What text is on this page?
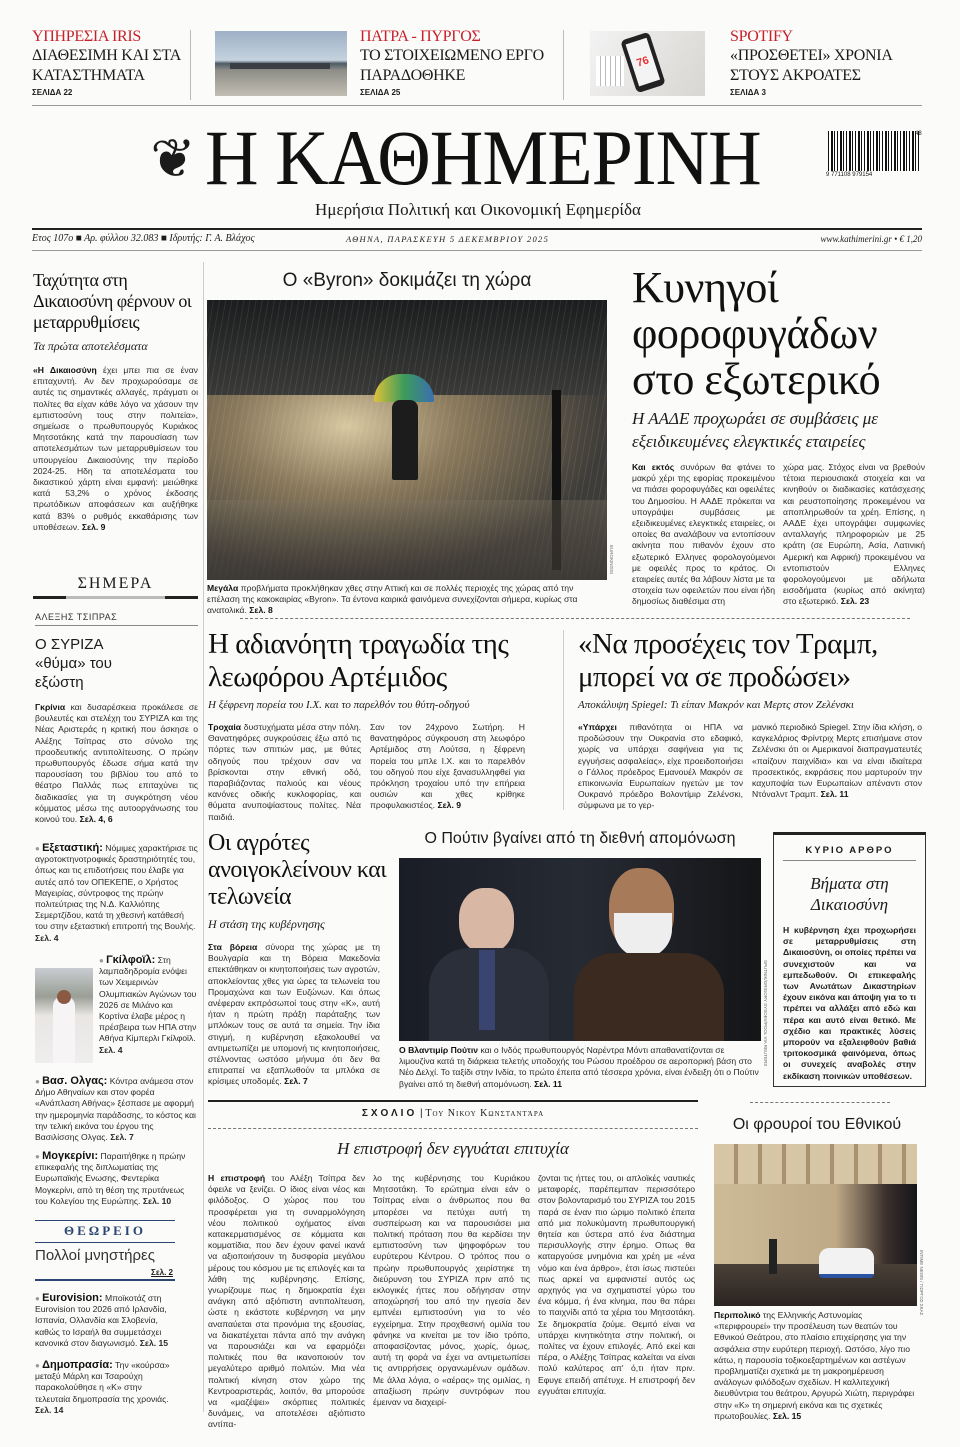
ΥΠΗΡΕΣΙΑ IRIS
ΔΙΑΘΕΣΙΜΗ ΚΑΙ ΣΤΑ ΚΑΤΑΣΤΗΜΑΤΑ
ΣΕΛΙΔΑ 22
ΠΑΤΡΑ - ΠΥΡΓΟΣ
ΤΟ ΣΤΟΙΧΕΙΩΜΕΝΟ ΕΡΓΟ ΠΑΡΑΔΟΘΗΚΕ
ΣΕΛΙΔΑ 25
76
SPOTIFY
«ΠΡΟΣΘΕΤΕΙ» ΧΡΟΝΙΑ ΣΤΟΥΣ ΑΚΡΟΑΤΕΣ
ΣΕΛΙΔΑ 3
❦ Η ΚΑΘΗΜΕΡΙΝΗ	9 771108 979154
48
Ημερήσια Πολιτική και Οικονομική Εφημερίδα
Ετος 107ο ■ Αρ. φύλλου 32.083 ■ Ιδρυτής: Γ. Α. Βλάχος	ΑΘΗΝΑ, ΠΑΡΑΣΚΕΥΗ 5 ΔΕΚΕΜΒΡΙΟΥ 2025	www.kathimerini.gr • € 1,20
Ταχύτητα στη Δικαιοσύνη φέρνουν οι μεταρρυθμίσεις
Τα πρώτα αποτελέσματα
«Η Δικαιοσύνη έχει μπει πια σε έναν επιταχυντή. Αν δεν προχωρούσαμε σε αυτές τις σημαντικές αλλαγές, πράγματι οι πολίτες θα είχαν κάθε λόγο να χάσουν την εμπιστοσύνη τους στην πολιτεία», σημείωσε ο πρωθυπουργός Κυριάκος Μητσοτάκης κατά την παρουσίαση των αποτελεσμάτων των μεταρρυθμίσεων του υπουργείου Δικαιοσύνης την περίοδο 2024-25. Ηδη τα αποτελέσματα του δικαστικού χάρτη είναι εμφανή: μειώθηκε κατά 53,2% ο χρόνος έκδοσης πρωτόδικων αποφάσεων και αυξήθηκε κατά 83% ο ρυθμός εκκαθάρισης των υποθέσεων. Σελ. 9
ΣΗΜΕΡΑ
ΑΛΕΞΗΣ ΤΣΙΠΡΑΣ
Ο ΣΥΡΙΖΑ «θύμα» του εξώστη
Γκρίνια και δυσαρέσκεια προκάλεσε σε βουλευτές και στελέχη του ΣΥΡΙΖΑ και της Νέας Αριστεράς η κριτική που άσκησε ο Αλέξης Τσίπρας στο σύνολο της προοδευτικής αντιπολίτευσης. Ο πρώην πρωθυπουργός έδωσε σήμα κατά την παρουσίαση του βιβλίου του από το θέατρο Παλλάς πως επιταχύνει τις διαδικασίες για τη συγκρότηση νέου κόμματος μέσω της αυτοοργάνωσης του κοινού του. Σελ. 4, 6
● Εξεταστική: Νόμιμες χαρακτήρισε τις αγροτοκτηνοτροφικές δραστηριότητές του, όπως και τις επιδοτήσεις που έλαβε για αυτές από τον ΟΠΕΚΕΠΕ, ο Χρήστος Μαγειρίας, σύντροφος της πρώην πολιτεύτριας της Ν.Δ. Καλλιόπης Σεμερτζίδου, κατά τη χθεσινή κατάθεσή του στην εξεταστική επιτροπή της Βουλής. Σελ. 4
● Γκίλφοϊλ: Στη λαμπαδηδρομία ενόψει των Χειμερινών Ολυμπιακών Αγώνων του 2026 σε Μιλάνο και Κορτίνα έλαβε μέρος η πρέσβειρα των ΗΠΑ στην Αθήνα Κίμπερλι Γκίλφοϊλ. Σελ. 4
● Βασ. Ολγας: Κόντρα ανάμεσα στον Δήμο Αθηναίων και στον φορέα «Ανάπλαση Αθήνας» ξέσπασε με αφορμή την ημερομηνία παράδοσης, το κόστος και την τελική εικόνα του έργου της Βασιλίσσης Ολγας. Σελ. 7
● Μογκερίνι: Παραιτήθηκε η πρώην επικεφαλής της διπλωματίας της Ευρωπαϊκής Ενωσης, Φεντερίκα Μογκερίνι, από τη θέση της πρυτάνεως του Κολεγίου της Ευρώπης. Σελ. 10
ΘΕΩΡΕΙΟ
Πολλοί μνηστήρες
Σελ. 2
● Eurovision: Μποϊκοτάζ στη Eurovision του 2026 από Ιρλανδία, Ισπανία, Ολλανδία και Σλοβενία, καθώς το Ισραήλ θα συμμετάσχει κανονικά στον διαγωνισμό. Σελ. 15
● Δημοπρασία: Την «κούρσα» μεταξύ Μάρλη και Τσαρούχη παρακολούθησε η «Κ» στην τελευταία δημοπρασία της χρονιάς. Σελ. 14
Ο «Byron» δοκιμάζει τη χώρα
EUROKINISSI
Μεγάλα προβλήματα προκλήθηκαν χθες στην Αττική και σε πολλές περιοχές της χώρας από την επέλαση της κακοκαιρίας «Byron». Τα έντονα καιρικά φαινόμενα συνεχίζονται σήμερα, κυρίως στα ανατολικά. Σελ. 8
Κυνηγοί φοροφυγάδων στο εξωτερικό
Η ΑΑΔΕ προχωράει σε συμβάσεις με εξειδικευμένες ελεγκτικές εταιρείες
Και εκτός συνόρων θα φτάνει το μακρύ χέρι της εφορίας προκειμένου να πιάσει φοροφυγάδες και οφειλέτες του Δημοσίου. Η ΑΑΔΕ πρόκειται να υπογράψει συμβάσεις με εξειδικευμένες ελεγκτικές εταιρείες, οι οποίες θα αναλάβουν να εντοπίσουν ακίνητα που πιθανόν έχουν στο εξωτερικό Ελληνες φορολογούμενοι με οφειλές προς το κράτος. Οι εταιρείες αυτές θα λάβουν λίστα με τα στοιχεία των οφειλετών που είναι ήδη δημοσίως διαθέσιμα στη
χώρα μας. Στόχος είναι να βρεθούν τέτοια περιουσιακά στοιχεία και να κινηθούν οι διαδικασίες κατάσχεσης και ρευστοποίησης προκειμένου να αποπληρωθούν τα χρέη. Επίσης, η ΑΑΔΕ έχει υπογράψει συμφωνίες ανταλλαγής πληροφοριών με 25 κράτη (σε Ευρώπη, Ασία, Λατινική Αμερική και Αφρική) προκειμένου να εντοπιστούν Ελληνες φορολογούμενοι με αδήλωτα εισοδήματα (κυρίως από ακίνητα) στο εξωτερικό. Σελ. 23
Η αδιανόητη τραγωδία της λεωφόρου Αρτέμιδος
Η ξέφρενη πορεία του Ι.Χ. και το παρελθόν του θύτη-οδηγού
Τροχαία δυστυχήματα μέσα στην πόλη. Θανατηφόρες συγκρούσεις έξω από τις πόρτες των σπιτιών μας, με θύτες οδηγούς που τρέχουν σαν να βρίσκονται στην εθνική οδό, παραβιάζοντας παλιούς και νέους κανόνες οδικής κυκλοφορίας, και θύματα ανυποψίαστους πολίτες. Νέα παιδιά.
Σαν τον 24χρονο Σωτήρη. Η θανατηφόρος σύγκρουση στη λεωφόρο Αρτέμιδος στη Λούτσα, η ξέφρενη πορεία του μπλε Ι.Χ. και το παρελθόν του οδηγού που είχε ξανασυλληφθεί για πρόκληση τροχαίου υπό την επήρεια ουσιών και χθες κρίθηκε προφυλακιστέος. Σελ. 9
«Να προσέχεις τον Τραμπ, μπορεί να σε προδώσει»
Αποκάλυψη Spiegel: Τι είπαν Μακρόν και Μερτς στον Ζελένσκι
«Υπάρχει πιθανότητα οι ΗΠΑ να προδώσουν την Ουκρανία στο εδαφικό, χωρίς να υπάρχει σαφήνεια για τις εγγυήσεις ασφαλείας», είχε προειδοποιήσει ο Γάλλος πρόεδρος Εμανουέλ Μακρόν σε επικοινωνία Ευρωπαίων ηγετών με τον Ουκρανό πρόεδρο Βολοντίμιρ Ζελένσκι, σύμφωνα με το γερ-
μανικό περιοδικό Spiegel. Στην ίδια κλήση, ο καγκελάριος Φρίντριχ Μερτς επισήμανε στον Ζελένσκι ότι οι Αμερικανοί διαπραγματευτές «παίζουν παιχνίδια» και να είναι ιδιαίτερα προσεκτικός, εκφράσεις που μαρτυρούν την καχυποψία των Ευρωπαίων απέναντι στον Ντόναλντ Τραμπ. Σελ. 11
Οι αγρότες ανοιγοκλείνουν και τελωνεία
Η στάση της κυβέρνησης
Στα βόρεια σύνορα της χώρας με τη Βουλγαρία και τη Βόρεια Μακεδονία επεκτάθηκαν οι κινητοποιήσεις των αγροτών, αποκλείοντας χθες για ώρες τα τελωνεία του Προμαχώνα και των Ευζώνων. Και όπως ανέφεραν εκπρόσωποί τους στην «Κ», αυτή ήταν η πρώτη πράξη παράταξης των μπλόκων τους σε αυτά τα σημεία. Την ίδια στιγμή, η κυβέρνηση εξακολουθεί να αντιμετωπίζει με υπομονή τις κινητοποιήσεις, στέλνοντας ωστόσο μήνυμα ότι δεν θα επιτραπεί να εξαπλωθούν τα μπλόκα σε κρίσιμες υποδομές. Σελ. 7
Ο Πούτιν βγαίνει από τη διεθνή απομόνωση
SPUTNIK/GRIGORY SYSOEV/POOL VIA REUTERS
Ο Βλαντιμίρ Πούτιν και ο Ινδός πρωθυπουργός Ναρέντρα Μόντι απαθανατίζονται σε λιμουζίνα κατά τη διάρκεια τελετής υποδοχής του Ρώσου προέδρου σε αεροπορική βάση στο Νέο Δελχί. Το ταξίδι στην Ινδία, το πρώτο έπειτα από τέσσερα χρόνια, είναι ένδειξη ότι ο Πούτιν βγαίνει από τη διεθνή απομόνωση. Σελ. 11
ΚΥΡΙΟ ΑΡΘΡΟ
Βήματα στη Δικαιοσύνη
Η κυβέρνηση έχει προχωρήσει σε μεταρρυθμίσεις στη Δικαιοσύνη, οι οποίες πρέπει να συνεχιστούν και να εμπεδωθούν. Οι επικεφαλής των Ανωτάτων Δικαστηρίων έχουν εικόνα και άποψη για το τι πρέπει να αλλάξει από εδώ και πέρα και αυτό είναι θετικό. Με σχέδιο και πρακτικές λύσεις μπορούν να εξαλειφθούν βαθιά τριτοκοσμικά φαινόμενα, όπως οι συνεχείς αναβολές στην εκδίκαση ποινικών υποθέσεων.
ΣΧΟΛΙΟ | Του Νικου Κωνσταντάρα
Η επιστροφή δεν εγγυάται επιτυχία
Η επιστροφή του Αλέξη Τσίπρα δεν όφειλε να ξενίζει. Ο ίδιος είναι νέος και φιλόδοξος. Ο χώρος που του προσφέρεται για τη συναρμολόγηση νέου πολιτικού οχήματος είναι κατακερματισμένος σε κόμματα και κομματίδια, που δεν έχουν φανεί ικανά να αξιοποιήσουν τη δυσφορία μεγάλου μέρους του κόσμου με τις επιλογές και τα λάθη της κυβέρνησης. Επίσης, γνωρίζουμε πως η δημοκρατία έχει ανάγκη από αξιόπιστη αντιπολίτευση, ώστε η εκάστοτε κυβέρνηση να μην αναπαύεται στα προνόμια της εξουσίας, να διακατέχεται πάντα από την ανάγκη να παρουσιάζει και να εφαρμόζει πολιτικές που θα ικανοποιούν τον μεγαλύτερο αριθμό πολιτών. Μια νέα πολιτική κίνηση στον χώρο της Κεντροαριστεράς, λοιπόν, θα μπορούσε να «μαζέψει» σκόρπιες πολιτικές δυνάμεις, να αποτελέσει αξιόπιστο αντίπα-
λο της κυβέρνησης του Κυριάκου Μητσοτάκη. Το ερώτημα είναι εάν ο Τσίπρας είναι ο άνθρωπος που θα μπορέσει να πετύχει αυτή τη συσπείρωση και να παρουσιάσει μια πολιτική πρόταση που θα κερδίσει την εμπιστοσύνη των ψηφοφόρων του ευρύτερου Κέντρου. Ο τρόπος που ο πρώην πρωθυπουργός χειρίστηκε τη διεύρυνση του ΣΥΡΙΖΑ πριν από τις εκλογικές ήττες που οδήγησαν στην αποχώρησή του από την ηγεσία δεν εμπνέει εμπιστοσύνη για το νέο εγχείρημα. Στην προχθεσινή ομιλία του φάνηκε να κινείται με τον ίδιο τρόπο, αποφασίζοντας μόνος, χωρίς, όμως, αυτή τη φορά να έχει να αντιμετωπίσει τις αντιρρήσεις οργανωμένων ομάδων. Με άλλα λόγια, ο «αέρας» της ομιλίας, η απαξίωση πρώην συντρόφων που έμειναν να διαχειρί-
ζονται τις ήττες του, οι απλοϊκές ναυτικές μεταφορές, παρέπεμπαν περισσότερο στον βολονταρισμό του ΣΥΡΙΖΑ του 2015 παρά σε έναν πιο ώριμο πολιτικό έπειτα από μια πολυκύμαντη πρωθυπουργική θητεία και ύστερα από ένα διάστημα περισυλλογής στην έρημο. Οπως θα καταργούσε μνημόνια και χρέη με «ένα νόμο και ένα άρθρο», έτσι ίσως πιστεύει πως αρκεί να εμφανιστεί αυτός ως αρχηγός για να σχηματιστεί γύρω του ένα κόμμα, ή ένα κίνημα, που θα πάρει το παιχνίδι από τα χέρια του Μητσοτάκη. Σε δημοκρατία ζούμε. Θεμιτό είναι να υπάρχει κινητικότητα στην πολιτική, οι πολίτες να έχουν επιλογές. Από εκεί και πέρα, ο Αλέξης Τσίπρας καλείται να είναι πολύ καλύτερος απ' ό,τι ήταν πριν. Εφυγε επειδή απέτυχε. Η επιστροφή δεν εγγυάται επιτυχία.
Οι φρουροί του Εθνικού
INTIME NEWS / ΓΙΩΡΓΟΣ ΣΚΑΣ
Περιπολικό της Ελληνικής Αστυνομίας «περιφρουρεί» την προσέλευση των θεατών του Εθνικού Θεάτρου, στο πλαίσιο επιχείρησης για την ασφάλεια στην ευρύτερη περιοχή. Ωστόσο, λίγο πιο κάτω, η παρουσία τοξικοεξαρτημένων και αστέγων προβληματίζει σχετικά με τη μακροημέρευση ανάλογων φιλόδοξων σχεδίων. Η καλλιτεχνική διευθύντρια του θεάτρου, Αργυρώ Χιώτη, περιγράφει στην «Κ» τη σημερινή εικόνα και τις σχετικές πρωτοβουλίες. Σελ. 15
